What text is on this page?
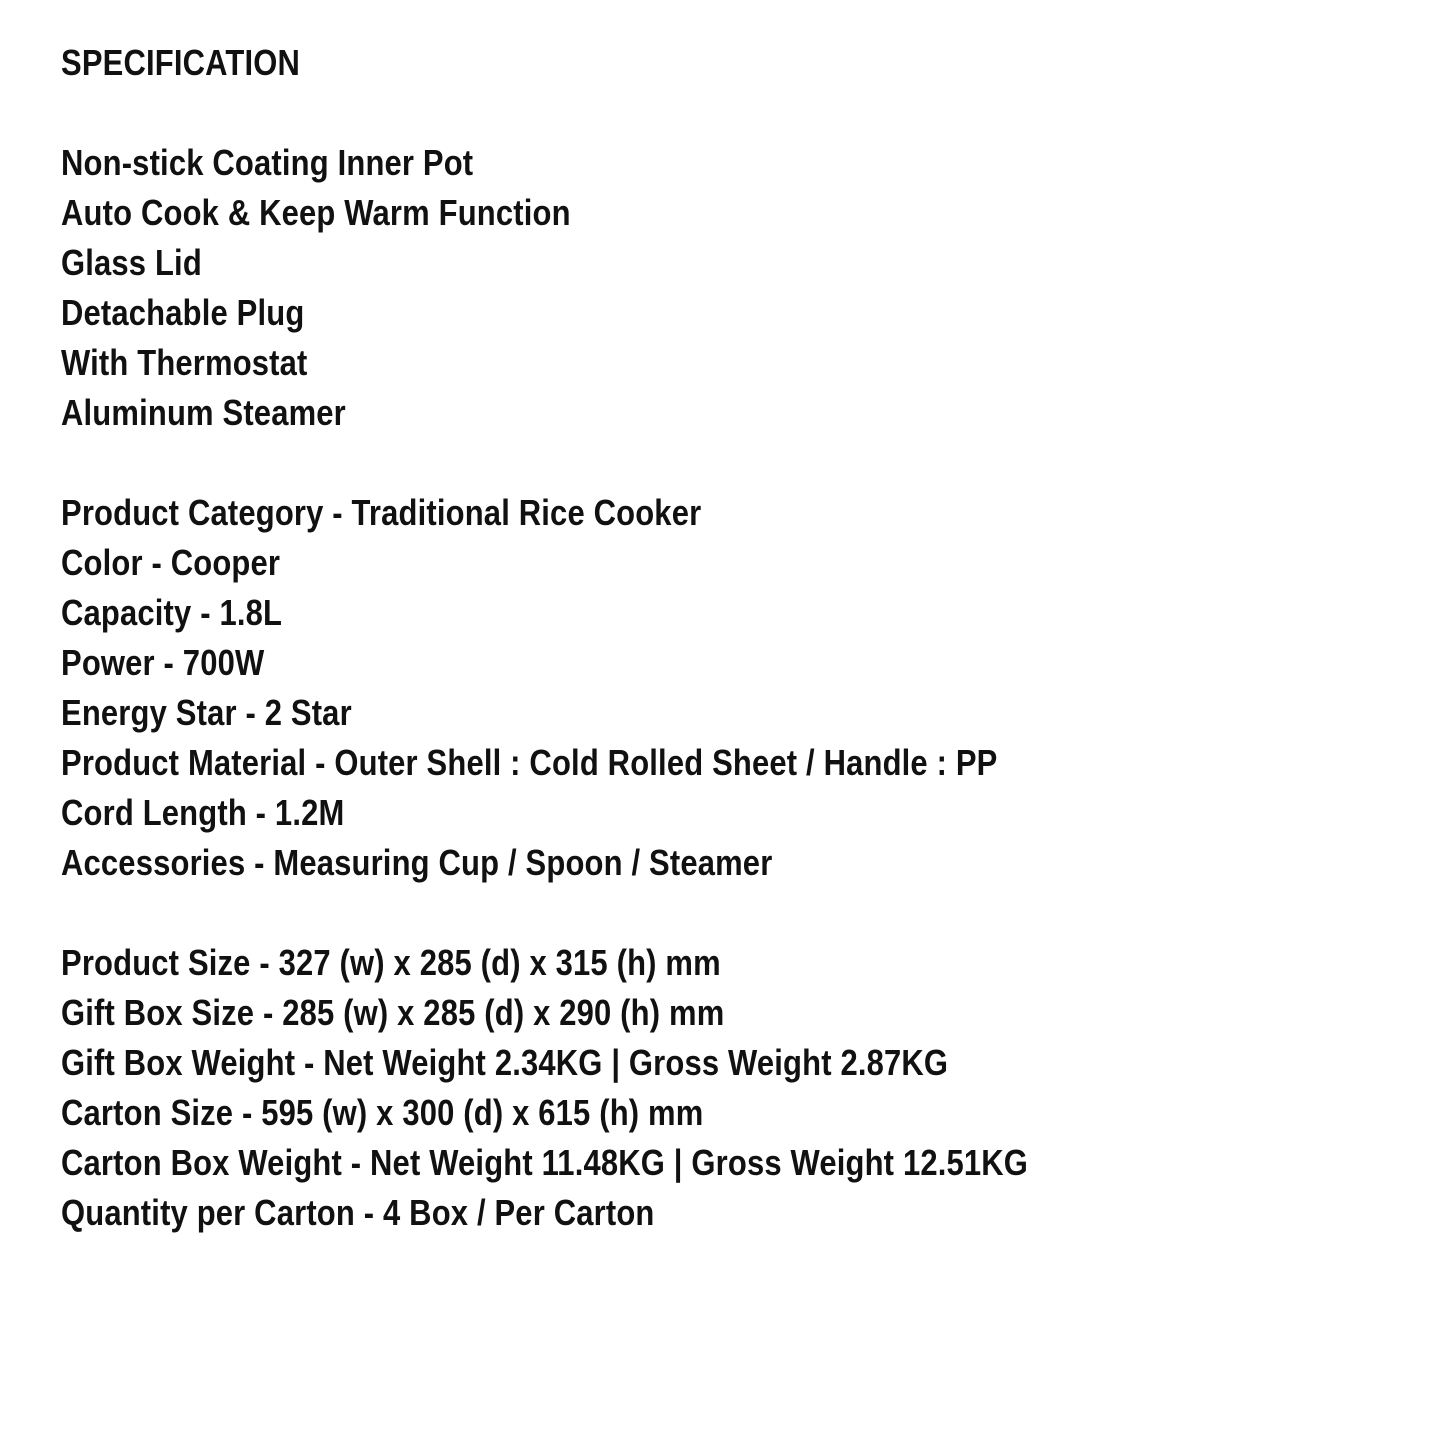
SPECIFICATION
Non-stick Coating Inner Pot
Auto Cook & Keep Warm Function
Glass Lid
Detachable Plug
With Thermostat
Aluminum Steamer
Product Category - Traditional Rice Cooker
Color - Cooper
Capacity - 1.8L
Power - 700W
Energy Star - 2 Star
Product Material - Outer Shell : Cold Rolled Sheet / Handle : PP
Cord Length - 1.2M
Accessories - Measuring Cup / Spoon / Steamer
Product Size - 327 (w) x 285 (d) x 315 (h) mm
Gift Box Size - 285 (w) x 285 (d) x 290 (h) mm
Gift Box Weight - Net Weight 2.34KG | Gross Weight 2.87KG
Carton Size - 595 (w) x 300 (d) x 615 (h) mm
Carton Box Weight - Net Weight 11.48KG | Gross Weight 12.51KG
Quantity per Carton - 4 Box / Per Carton
